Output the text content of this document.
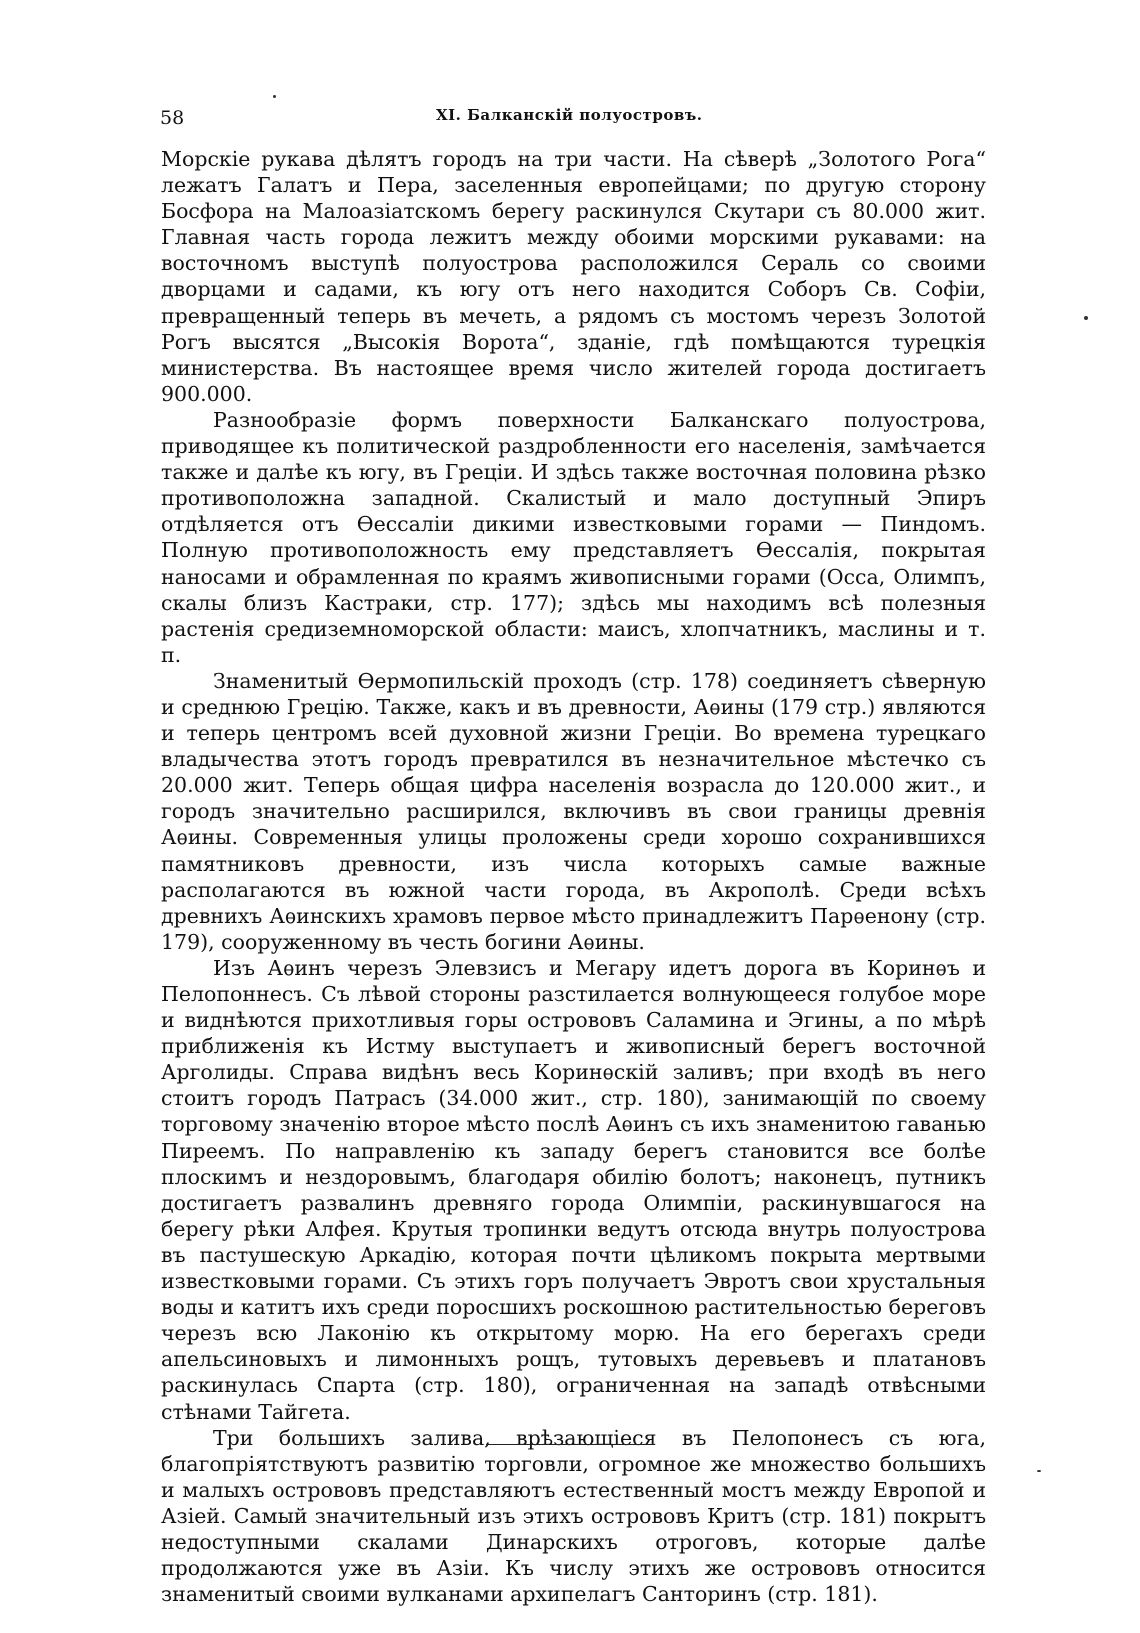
58	XI. Балканскій полуостровъ.

Морскіе рукава дѣлятъ городъ на три части. На сѣверѣ „Золотого Рога“ лежатъ Галатъ и Пера, заселенныя европейцами; по другую сторону Босфора на Малоазіатскомъ берегу раскинулся Скутари съ 80.000 жит. Главная часть города лежитъ между обоими морскими рукавами: на восточномъ выступѣ полуострова расположился Сераль со своими дворцами и садами, къ югу отъ него находится Соборъ Св. Софіи, превращенный теперь въ мечеть, а рядомъ съ мостомъ черезъ Золотой Рогъ высятся „Высокія Ворота“, зданіе, гдѣ помѣщаются турецкія министерства. Въ настоящее время число жителей города достигаетъ 900.000.

Разнообразіе формъ поверхности Балканскаго полуострова, приводящее къ политической раздробленности его населенія, замѣчается также и далѣе къ югу, въ Греціи. И здѣсь также восточная половина рѣзко противоположна западной. Скалистый и мало доступный Эпиръ отдѣляется отъ Ѳессаліи дикими известковыми горами — Пиндомъ. Полную противоположность ему представляетъ Ѳессалія, покрытая наносами и обрамленная по краямъ живописными горами (Осса, Олимпъ, скалы близъ Кастраки, стр. 177); здѣсь мы находимъ всѣ полезныя растенія средиземноморской области: маисъ, хлопчатникъ, маслины и т. п.

Знаменитый Ѳермопильскій проходъ (стр. 178) соединяетъ сѣверную и среднюю Грецію. Также, какъ и въ древности, Аѳины (179 стр.) являются и теперь центромъ всей духовной жизни Греціи. Во времена турецкаго владычества этотъ городъ превратился въ незначительное мѣстечко съ 20.000 жит. Теперь общая цифра населенія возрасла до 120.000 жит., и городъ значительно расширился, включивъ въ свои границы древнія Аѳины. Современныя улицы проложены среди хорошо сохранившихся памятниковъ древности, изъ числа которыхъ самые важные располагаются въ южной части города, въ Акрополѣ. Среди всѣхъ древнихъ Аѳинскихъ храмовъ первое мѣсто принадлежитъ Парѳенону (стр. 179), сооруженному въ честь богини Аѳины.

Изъ Аѳинъ черезъ Элевзисъ и Мегару идетъ дорога въ Коринѳъ и Пелопоннесъ. Съ лѣвой стороны разстилается волнующееся голубое море и виднѣются прихотливыя горы острововъ Саламина и Эгины, а по мѣрѣ приближенія къ Истму выступаетъ и живописный берегъ восточной Арголиды. Справа видѣнъ весь Коринѳскій заливъ; при входѣ въ него стоитъ городъ Патрасъ (34.000 жит., стр. 180), занимающій по своему торговому значенію второе мѣсто послѣ Аѳинъ съ ихъ знаменитою гаванью Пиреемъ. По направленію къ западу берегъ становится все болѣе плоскимъ и нездоровымъ, благодаря обилію болотъ; наконецъ, путникъ достигаетъ развалинъ древняго города Олимпіи, раскинувшагося на берегу рѣки Алфея. Крутыя тропинки ведутъ отсюда внутрь полуострова въ пастушескую Аркадію, которая почти цѣликомъ покрыта мертвыми известковыми горами. Съ этихъ горъ получаетъ Эвротъ свои хрустальныя воды и катитъ ихъ среди поросшихъ роскошною растительностью береговъ черезъ всю Лаконію къ открытому морю. На его берегахъ среди апельсиновыхъ и лимонныхъ рощъ, тутовыхъ деревьевъ и платановъ раскинулась Спарта (стр. 180), ограниченная на западѣ отвѣсными стѣнами Тайгета.

Три большихъ залива, врѣзающіеся въ Пелопонесъ съ юга, благопріятствуютъ развитію торговли, огромное же множество большихъ и малыхъ острововъ представляютъ естественный мостъ между Европой и Азіей. Самый значительный изъ этихъ острововъ Критъ (стр. 181) покрытъ недоступными скалами Динарскихъ отроговъ, которые далѣе продолжаются уже въ Азіи. Къ числу этихъ же острововъ относится знаменитый своими вулканами архипелагъ Санторинъ (стр. 181).
